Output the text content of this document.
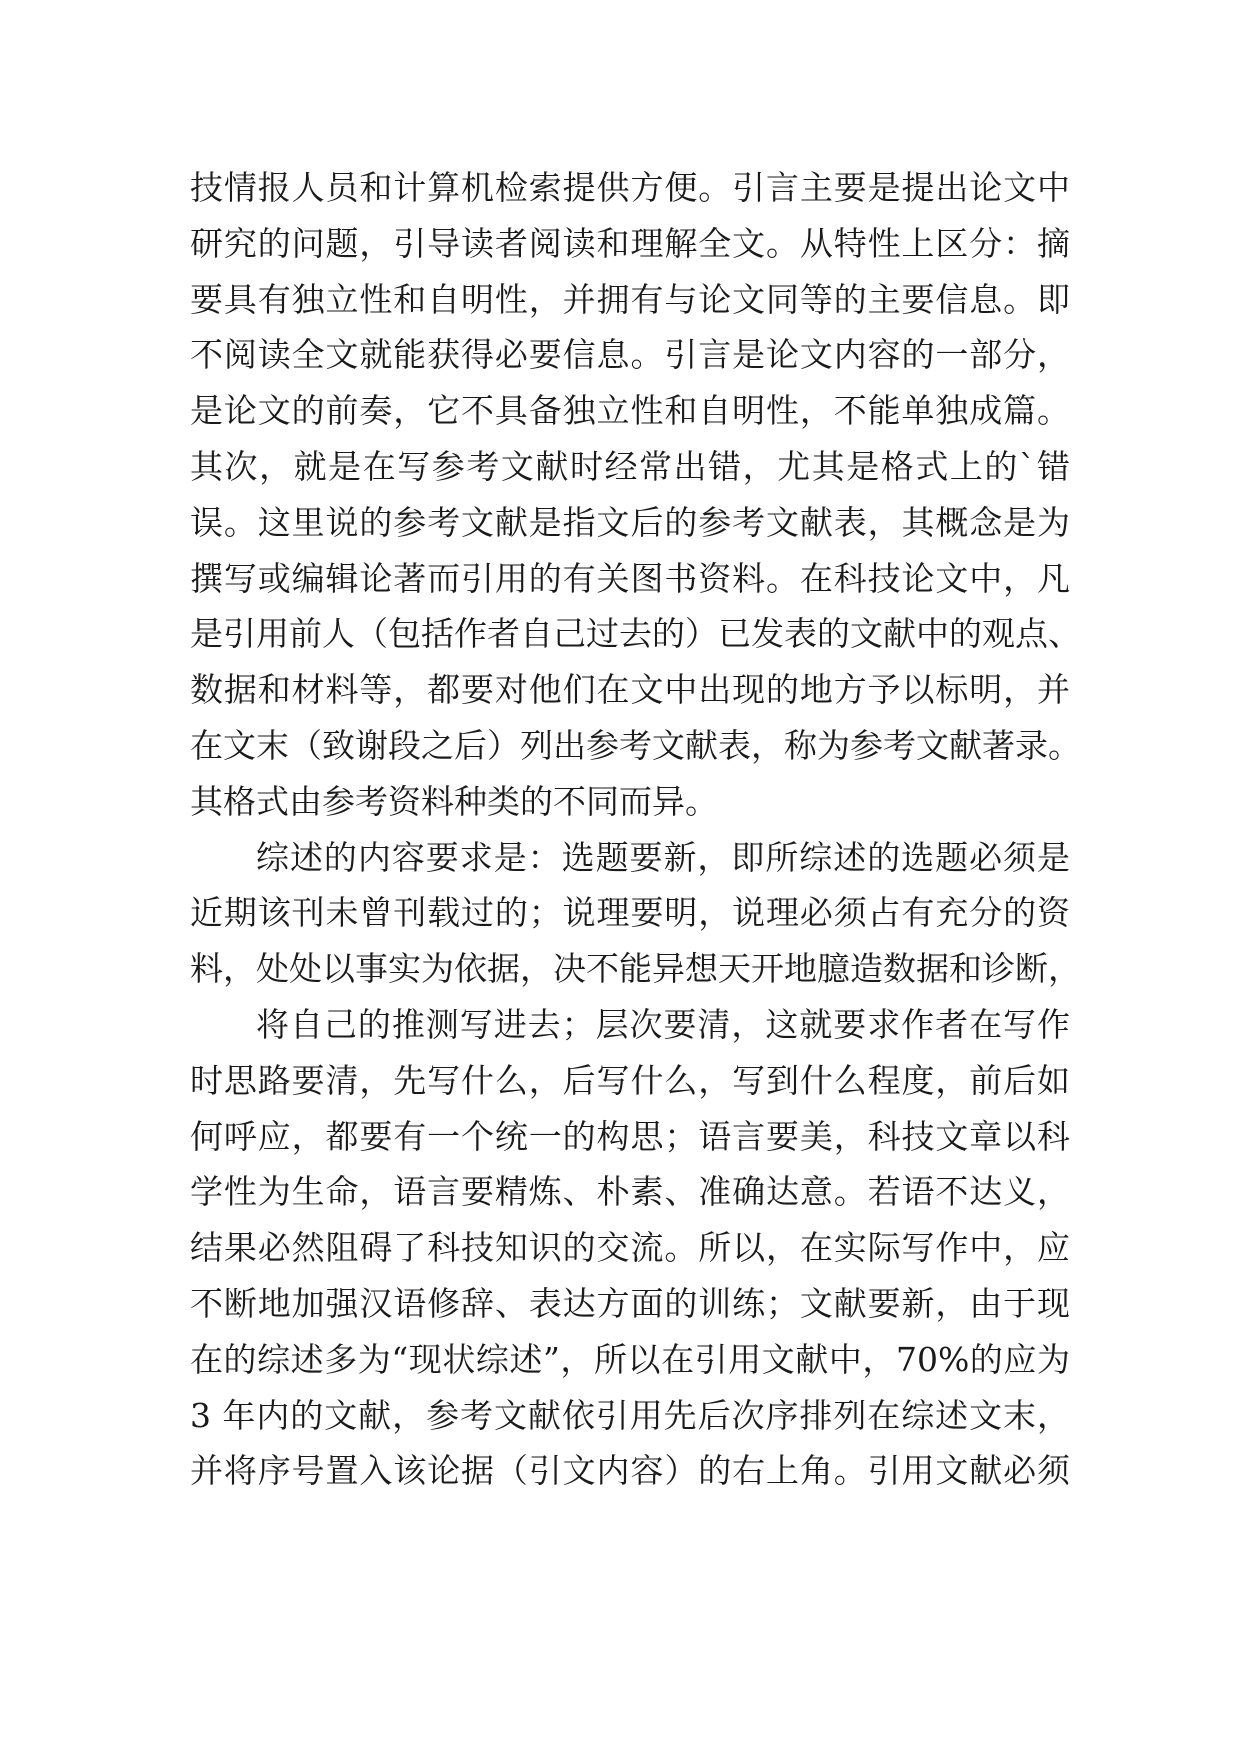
技情报人员和计算机检索提供方便。引言主要是提出论文中
研究的问题，引导读者阅读和理解全文。从特性上区分：摘
要具有独立性和自明性，并拥有与论文同等的主要信息。即
不阅读全文就能获得必要信息。引言是论文内容的一部分，
是论文的前奏，它不具备独立性和自明性，不能单独成篇。
其次，就是在写参考文献时经常出错，尤其是格式上的`错
误。这里说的参考文献是指文后的参考文献表，其概念是为
撰写或编辑论著而引用的有关图书资料。在科技论文中，凡
是引用前人（包括作者自己过去的）已发表的文献中的观点、
数据和材料等，都要对他们在文中出现的地方予以标明，并
在文末（致谢段之后）列出参考文献表，称为参考文献著录。
其格式由参考资料种类的不同而异。
综述的内容要求是：选题要新，即所综述的选题必须是
近期该刊未曾刊载过的；说理要明，说理必须占有充分的资
料，处处以事实为依据，决不能异想天开地臆造数据和诊断，
将自己的推测写进去；层次要清，这就要求作者在写作
时思路要清，先写什么，后写什么，写到什么程度，前后如
何呼应，都要有一个统一的构思；语言要美，科技文章以科
学性为生命，语言要精炼、朴素、准确达意。若语不达义，
结果必然阻碍了科技知识的交流。所以，在实际写作中，应
不断地加强汉语修辞、表达方面的训练；文献要新，由于现
在的综述多为“现状综述”，所以在引用文献中，70%的应为
3 年内的文献，参考文献依引用先后次序排列在综述文末，
并将序号置入该论据（引文内容）的右上角。引用文献必须
